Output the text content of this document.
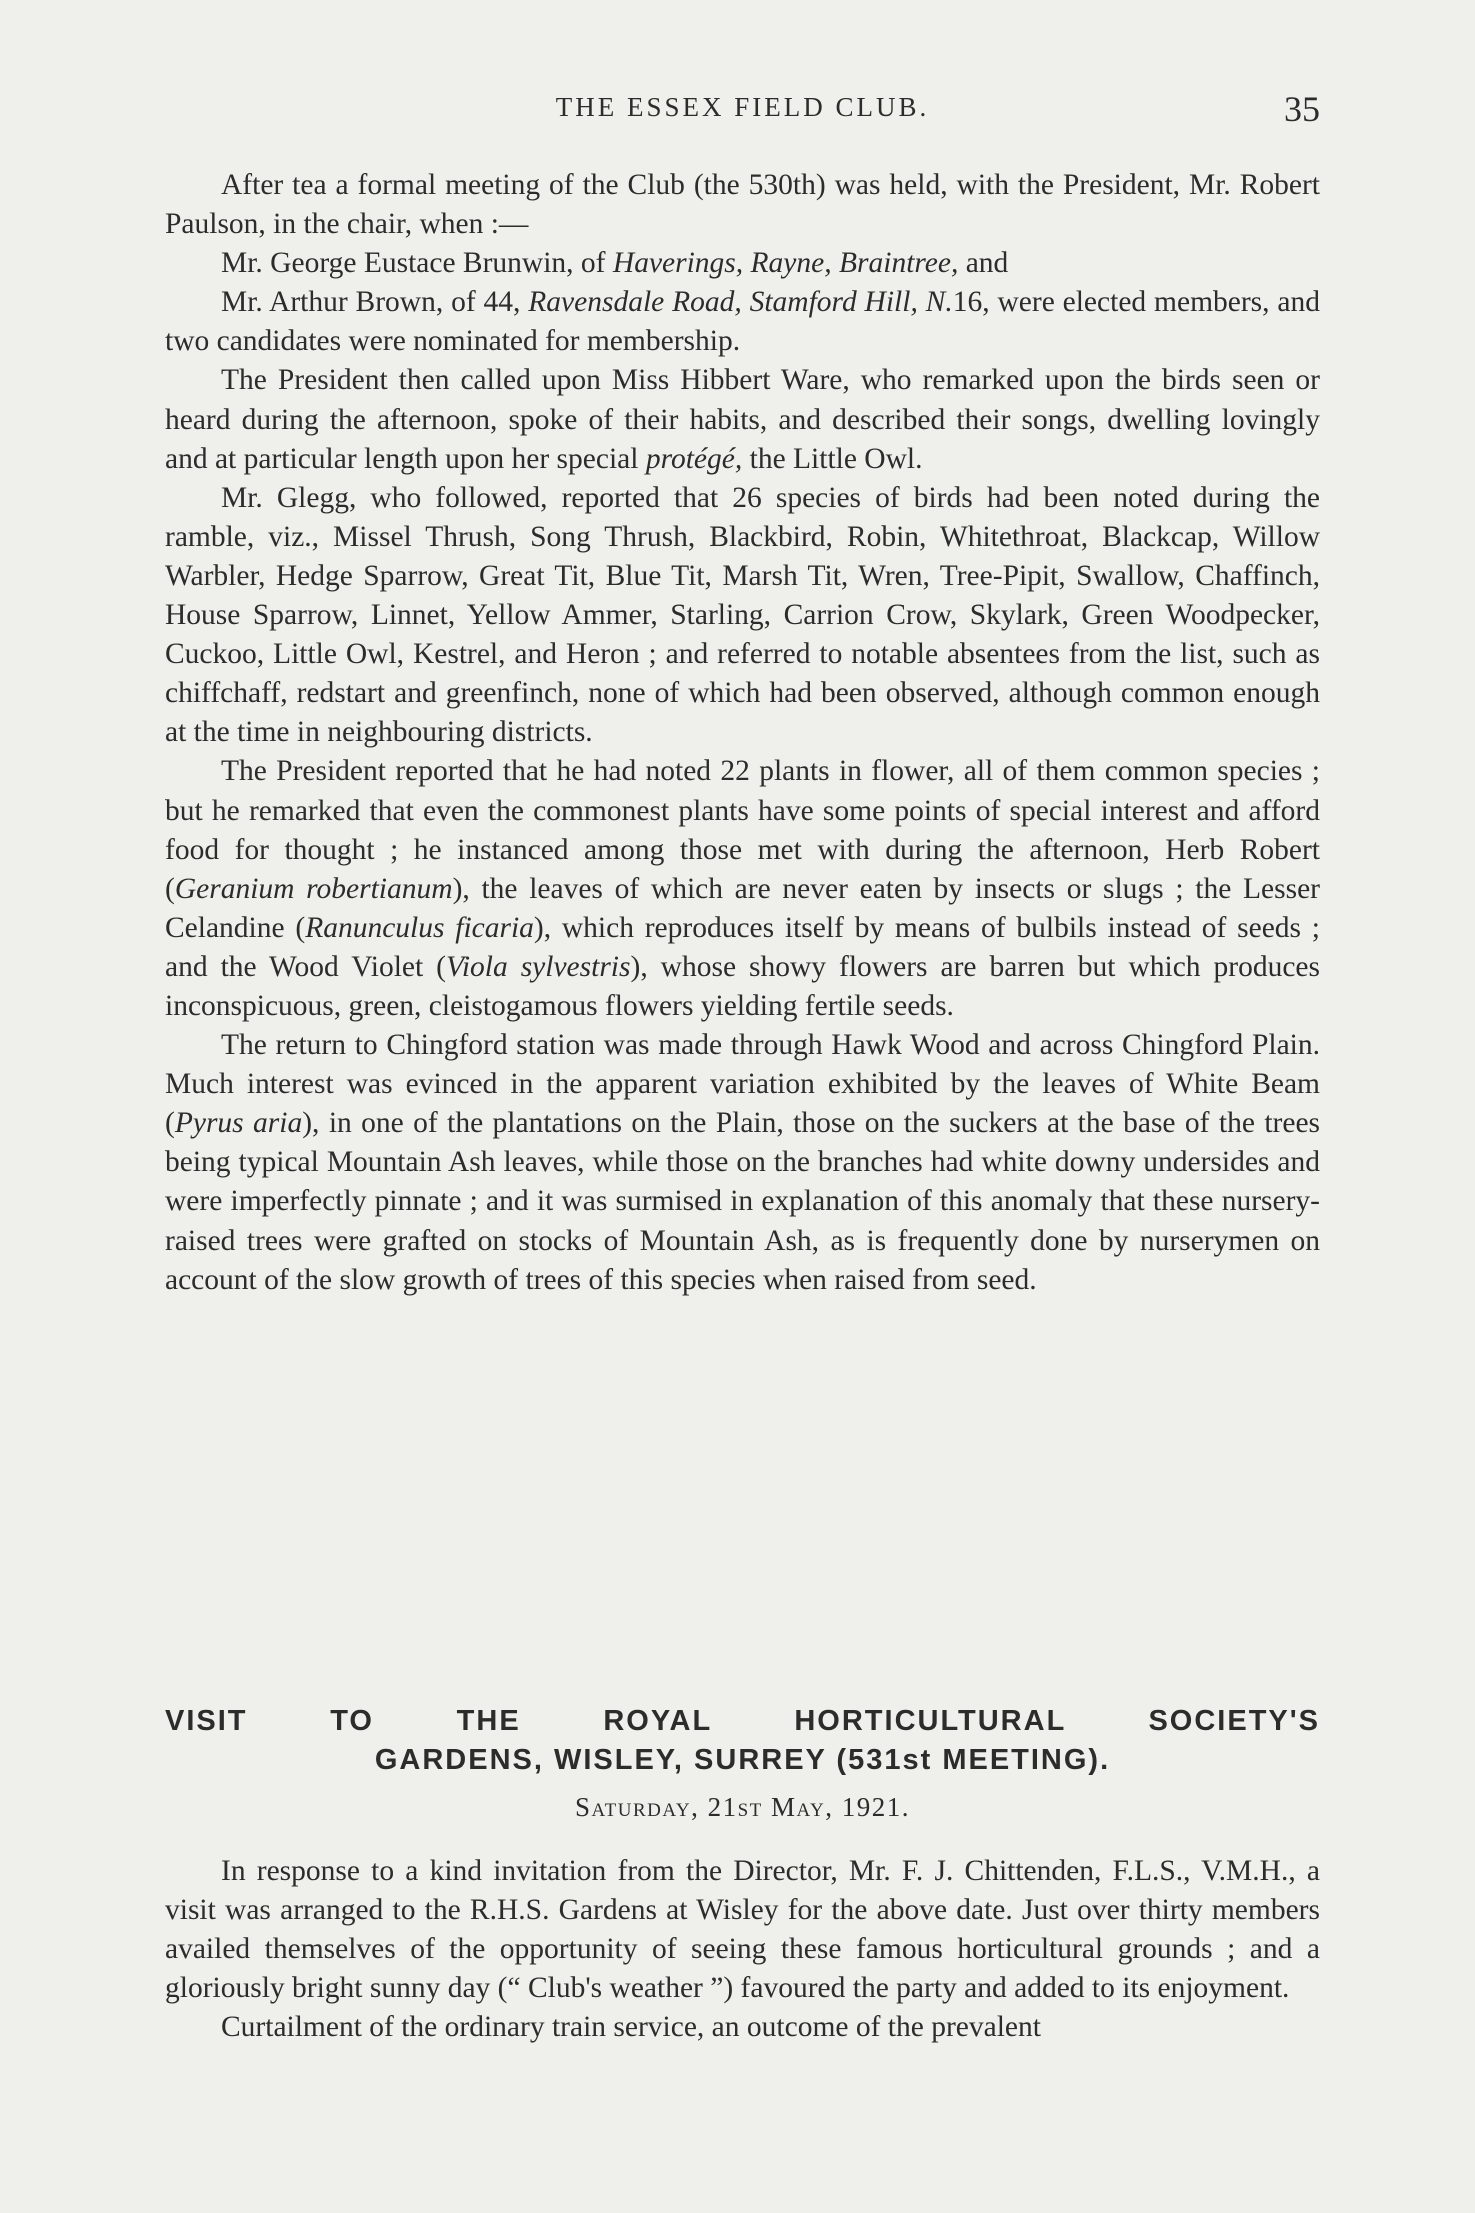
THE ESSEX FIELD CLUB.	35

After tea a formal meeting of the Club (the 530th) was held, with the President, Mr. Robert Paulson, in the chair, when :—

Mr. George Eustace Brunwin, of Haverings, Rayne, Braintree, and

Mr. Arthur Brown, of 44, Ravensdale Road, Stamford Hill, N.16, were elected members, and two candidates were nominated for membership.

The President then called upon Miss Hibbert Ware, who remarked upon the birds seen or heard during the afternoon, spoke of their habits, and described their songs, dwelling lovingly and at particular length upon her special protégé, the Little Owl.

Mr. Glegg, who followed, reported that 26 species of birds had been noted during the ramble, viz., Missel Thrush, Song Thrush, Blackbird, Robin, Whitethroat, Blackcap, Willow Warbler, Hedge Sparrow, Great Tit, Blue Tit, Marsh Tit, Wren, Tree-Pipit, Swallow, Chaffinch, House Sparrow, Linnet, Yellow Ammer, Starling, Carrion Crow, Skylark, Green Woodpecker, Cuckoo, Little Owl, Kestrel, and Heron ; and referred to notable absentees from the list, such as chiffchaff, redstart and greenfinch, none of which had been observed, although common enough at the time in neighbouring districts.

The President reported that he had noted 22 plants in flower, all of them common species ; but he remarked that even the commonest plants have some points of special interest and afford food for thought ; he instanced among those met with during the afternoon, Herb Robert (Geranium robertianum), the leaves of which are never eaten by insects or slugs ; the Lesser Celandine (Ranunculus ficaria), which reproduces itself by means of bulbils instead of seeds ; and the Wood Violet (Viola sylvestris), whose showy flowers are barren but which produces inconspicuous, green, cleistogamous flowers yielding fertile seeds.

The return to Chingford station was made through Hawk Wood and across Chingford Plain. Much interest was evinced in the apparent variation exhibited by the leaves of White Beam (Pyrus aria), in one of the plantations on the Plain, those on the suckers at the base of the trees being typical Mountain Ash leaves, while those on the branches had white downy undersides and were imperfectly pinnate ; and it was surmised in explanation of this anomaly that these nursery-raised trees were grafted on stocks of Mountain Ash, as is frequently done by nurserymen on account of the slow growth of trees of this species when raised from seed.

VISIT TO THE ROYAL HORTICULTURAL SOCIETY'S
GARDENS, WISLEY, SURREY (531st MEETING).
Saturday, 21st May, 1921.

In response to a kind invitation from the Director, Mr. F. J. Chittenden, F.L.S., V.M.H., a visit was arranged to the R.H.S. Gardens at Wisley for the above date. Just over thirty members availed themselves of the opportunity of seeing these famous horticultural grounds ; and a gloriously bright sunny day (“ Club's weather ”) favoured the party and added to its enjoyment.

Curtailment of the ordinary train service, an outcome of the prevalent
